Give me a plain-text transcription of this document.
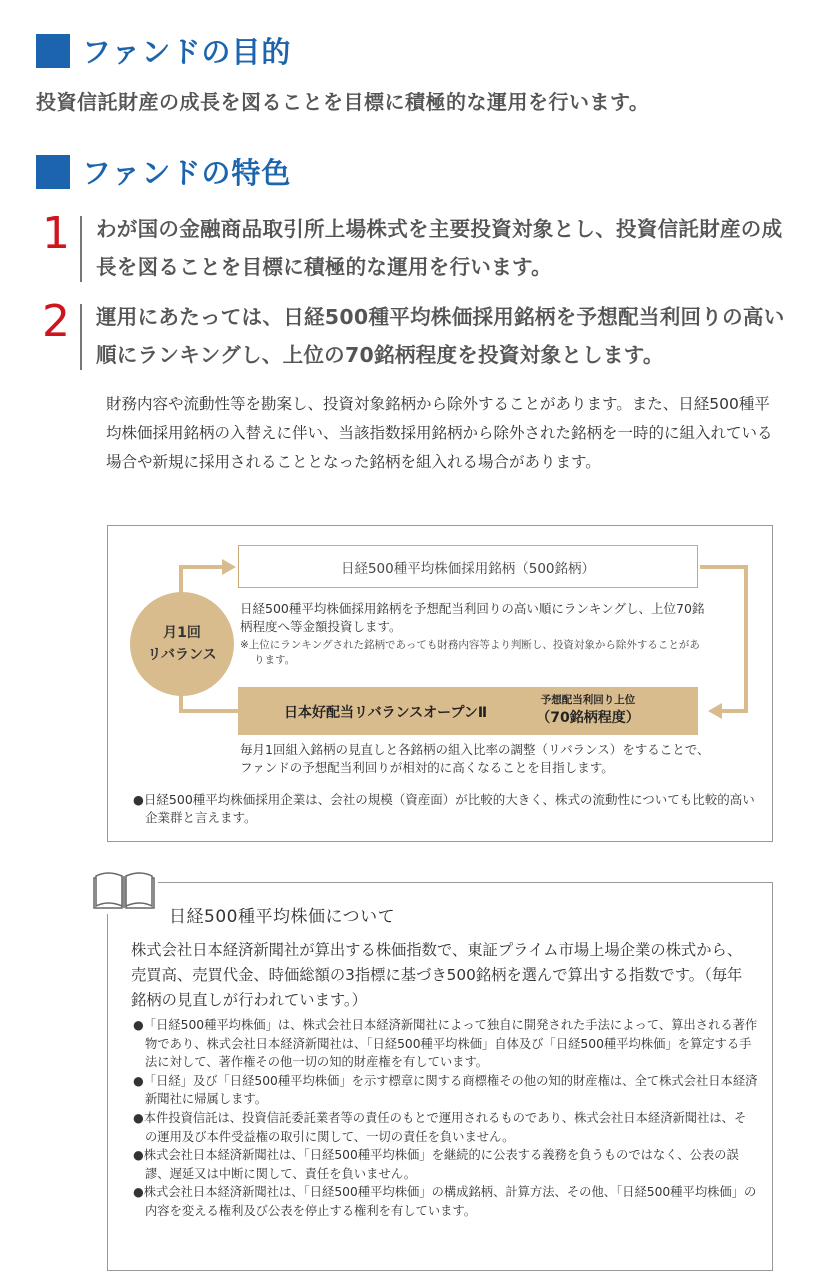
ファンドの目的
投資信託財産の成長を図ることを目標に積極的な運用を行います。
ファンドの特色
1 わが国の金融商品取引所上場株式を主要投資対象とし、投資信託財産の成長を図ることを目標に積極的な運用を行います。
2 運用にあたっては、日経500種平均株価採用銘柄を予想配当利回りの高い順にランキングし、上位の70銘柄程度を投資対象とします。
財務内容や流動性等を勘案し、投資対象銘柄から除外することがあります。また、日経500種平均株価採用銘柄の入替えに伴い、当該指数採用銘柄から除外された銘柄を一時的に組入れている場合や新規に採用されることとなった銘柄を組入れる場合があります。
日経500種平均株価採用銘柄（500銘柄）
月1回
リバランス
日経500種平均株価採用銘柄を予想配当利回りの高い順にランキングし、上位70銘柄程度へ等金額投資します。
※上位にランキングされた銘柄であっても財務内容等より判断し、投資対象から除外することがあります。
日本好配当リバランスオープンⅡ
予想配当利回り上位
（70銘柄程度）
毎月1回組入銘柄の見直しと各銘柄の組入比率の調整（リバランス）をすることで、ファンドの予想配当利回りが相対的に高くなることを目指します。
●日経500種平均株価採用企業は、会社の規模（資産面）が比較的大きく、株式の流動性についても比較的高い企業群と言えます。
日経500種平均株価について
株式会社日本経済新聞社が算出する株価指数で、東証プライム市場上場企業の株式から、売買高、売買代金、時価総額の3指標に基づき500銘柄を選んで算出する指数です。（毎年銘柄の見直しが行われています。）
●「日経500種平均株価」は、株式会社日本経済新聞社によって独自に開発された手法によって、算出される著作物であり、株式会社日本経済新聞社は、「日経500種平均株価」自体及び「日経500種平均株価」を算定する手法に対して、著作権その他一切の知的財産権を有しています。
●「日経」及び「日経500種平均株価」を示す標章に関する商標権その他の知的財産権は、全て株式会社日本経済新聞社に帰属します。
●本件投資信託は、投資信託委託業者等の責任のもとで運用されるものであり、株式会社日本経済新聞社は、その運用及び本件受益権の取引に関して、一切の責任を負いません。
●株式会社日本経済新聞社は、「日経500種平均株価」を継続的に公表する義務を負うものではなく、公表の誤謬、遅延又は中断に関して、責任を負いません。
●株式会社日本経済新聞社は、「日経500種平均株価」の構成銘柄、計算方法、その他、「日経500種平均株価」の内容を変える権利及び公表を停止する権利を有しています。
